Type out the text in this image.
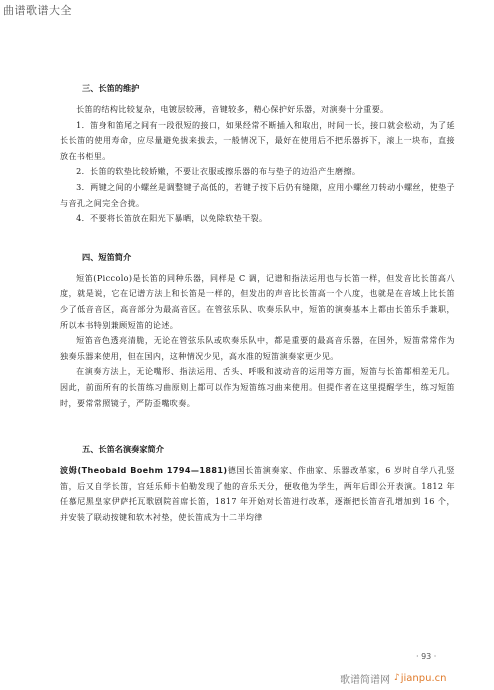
曲谱歌谱大全
三、长笛的维护

长笛的结构比较复杂，电镀层较薄，音键较多，精心保护好乐器，对演奏十分重要。

1．笛身和笛尾之间有一段很短的接口，如果经常不断插入和取出，时间一长，接口就会松动，为了延长长笛的使用寿命，应尽量避免拔来拔去，一般情况下，最好在使用后不把乐器拆下，滚上一块布，直接放在书柜里。

2．长笛的软垫比较娇嫩，不要让衣服或擦乐器的布与垫子的边沿产生磨擦。

3．两键之间的小螺丝是调整键子高低的，若键子按下后仍有缝隙，应用小螺丝刀转动小螺丝，使垫子与音孔之间完全合拢。

4．不要将长笛放在阳光下暴晒，以免除软垫干裂。

四、短笛简介

短笛(Piccolo)是长笛的同种乐器，同样是 C 调，记谱和指法运用也与长笛一样，但发音比长笛高八度，就是说，它在记谱方法上和长笛是一样的，但发出的声音比长笛高一个八度，也就是在音域上比长笛少了低音音区，高音部分为最高音区。在管弦乐队、吹奏乐队中，短笛的演奏基本上都由长笛乐手兼职，所以本书特别兼顾短笛的论述。

短笛音色透亮清脆，无论在管弦乐队或吹奏乐队中，都是重要的最高音乐器，在国外，短笛常常作为独奏乐器来使用，但在国内，这种情况少见，高水准的短笛演奏家更少见。

在演奏方法上，无论嘴形、指法运用、舌头、呼吸和波动音的运用等方面，短笛与长笛都相差无几。因此，前面所有的长笛练习曲原则上都可以作为短笛练习曲来使用。但提作者在这里提醒学生，练习短笛时，要常常照镜子，严防歪嘴吹奏。

五、长笛名演奏家简介

波姆(Theobald Boehm 1794—1881)德国长笛演奏家、作曲家、乐器改革家，6 岁时自学八孔竖笛，后又自学长笛，宫廷乐师卡伯勒发现了他的音乐天分，便收他为学生，两年后即公开表演。1812 年任慕尼黑皇家伊萨托瓦歌剧院首席长笛，1817 年开始对长笛进行改革，逐渐把长笛音孔增加到 16 个，并安装了联动按键和软木衬垫，使长笛成为十二半均律

· 93 ·
歌谱简谱网 ♪ jianpu.cn
